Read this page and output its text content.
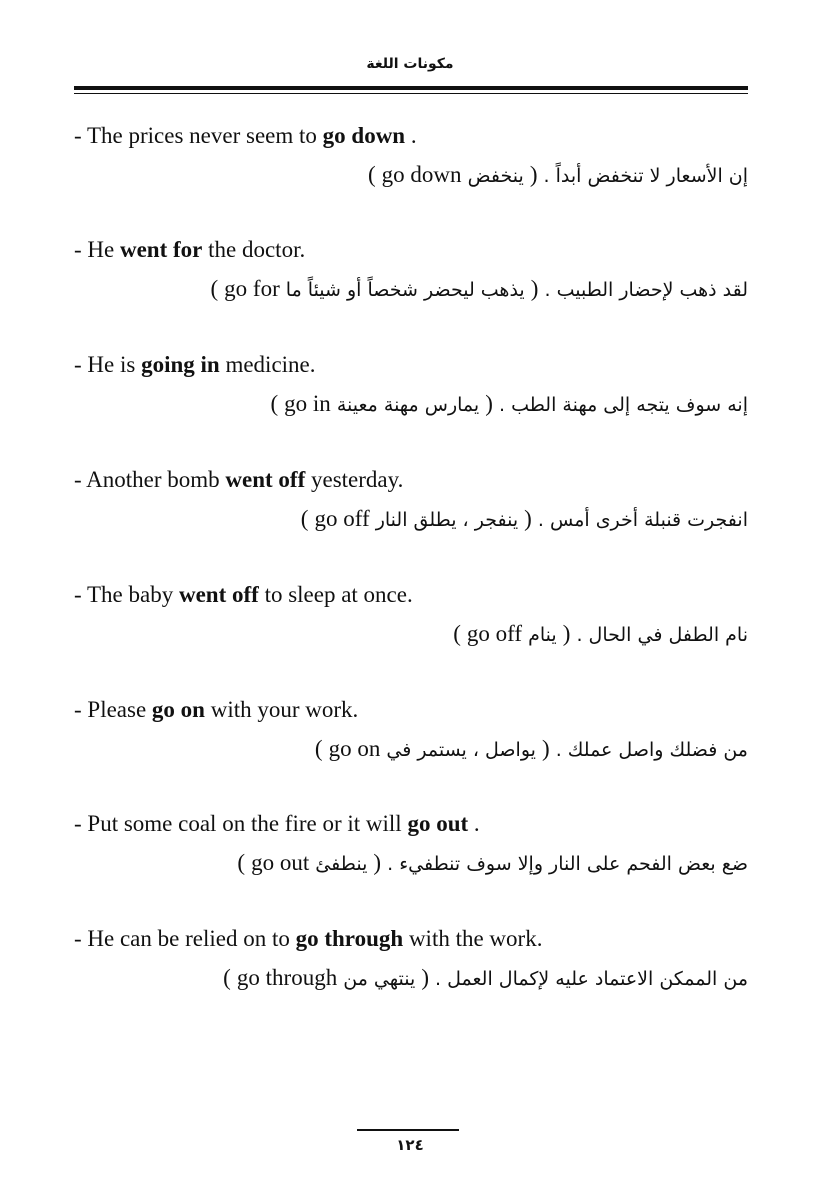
مكونات اللغة
- The prices never seem to go down .
إن الأسعار لا تنخفض أبداً . ( ينخفض go down )
- He went for the doctor.
لقد ذهب لإحضار الطبيب . ( يذهب ليحضر شخصاً أو شيئاً ما go for )
- He is going in medicine.
إنه سوف يتجه إلى مهنة الطب . ( يمارس مهنة معينة go in )
- Another bomb went off yesterday.
انفجرت قنبلة أخرى أمس . ( ينفجر ، يطلق النار go off )
- The baby went off to sleep at once.
نام الطفل في الحال . ( ينام go off )
- Please go on with your work.
من فضلك واصل عملك . ( يواصل ، يستمر في go on )
- Put some coal on the fire or it will go out .
ضع بعض الفحم على النار وإلا سوف تنطفيء . ( ينطفئ go out )
- He can be relied on to go through with the work.
من الممكن الاعتماد عليه لإكمال العمل . ( ينتهي من go through )
١٢٤
